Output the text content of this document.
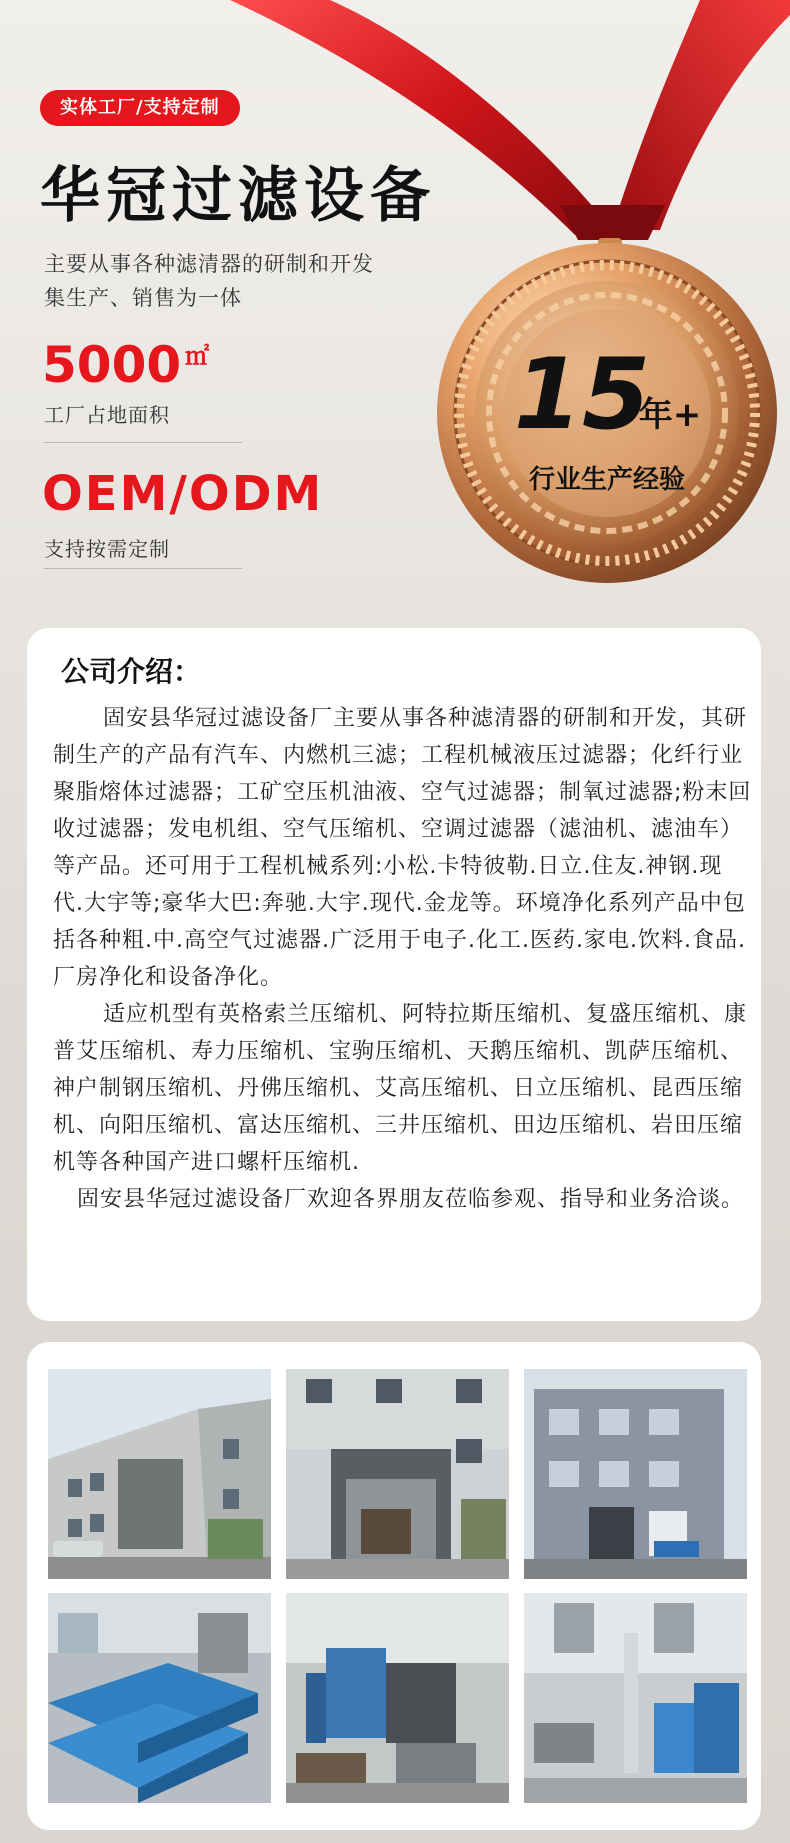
实体工厂/支持定制
华冠过滤设备
主要从事各种滤清器的研制和开发
集生产、销售为一体
5000 ㎡
工厂占地面积
OEM/ODM
支持按需定制
15
年+
行业生产经验
公司介绍：

固安县华冠过滤设备厂主要从事各种滤清器的研制和开发，其研制生产的产品有汽车、内燃机三滤；工程机械液压过滤器；化纤行业聚脂熔体过滤器；工矿空压机油液、空气过滤器；制氧过滤器;粉末回收过滤器；发电机组、空气压缩机、空调过滤器（滤油机、滤油车）等产品。还可用于工程机械系列:小松.卡特彼勒.日立.住友.神钢.现代.大宇等;豪华大巴:奔驰.大宇.现代.金龙等。环境净化系列产品中包括各种粗.中.高空气过滤器.广泛用于电子.化工.医药.家电.饮料.食品.厂房净化和设备净化。

适应机型有英格索兰压缩机、阿特拉斯压缩机、复盛压缩机、康普艾压缩机、寿力压缩机、宝驹压缩机、天鹅压缩机、凯萨压缩机、神户制钢压缩机、丹佛压缩机、艾高压缩机、日立压缩机、昆西压缩机、向阳压缩机、富达压缩机、三井压缩机、田边压缩机、岩田压缩机等各种国产进口螺杆压缩机.

固安县华冠过滤设备厂欢迎各界朋友莅临参观、指导和业务洽谈。
